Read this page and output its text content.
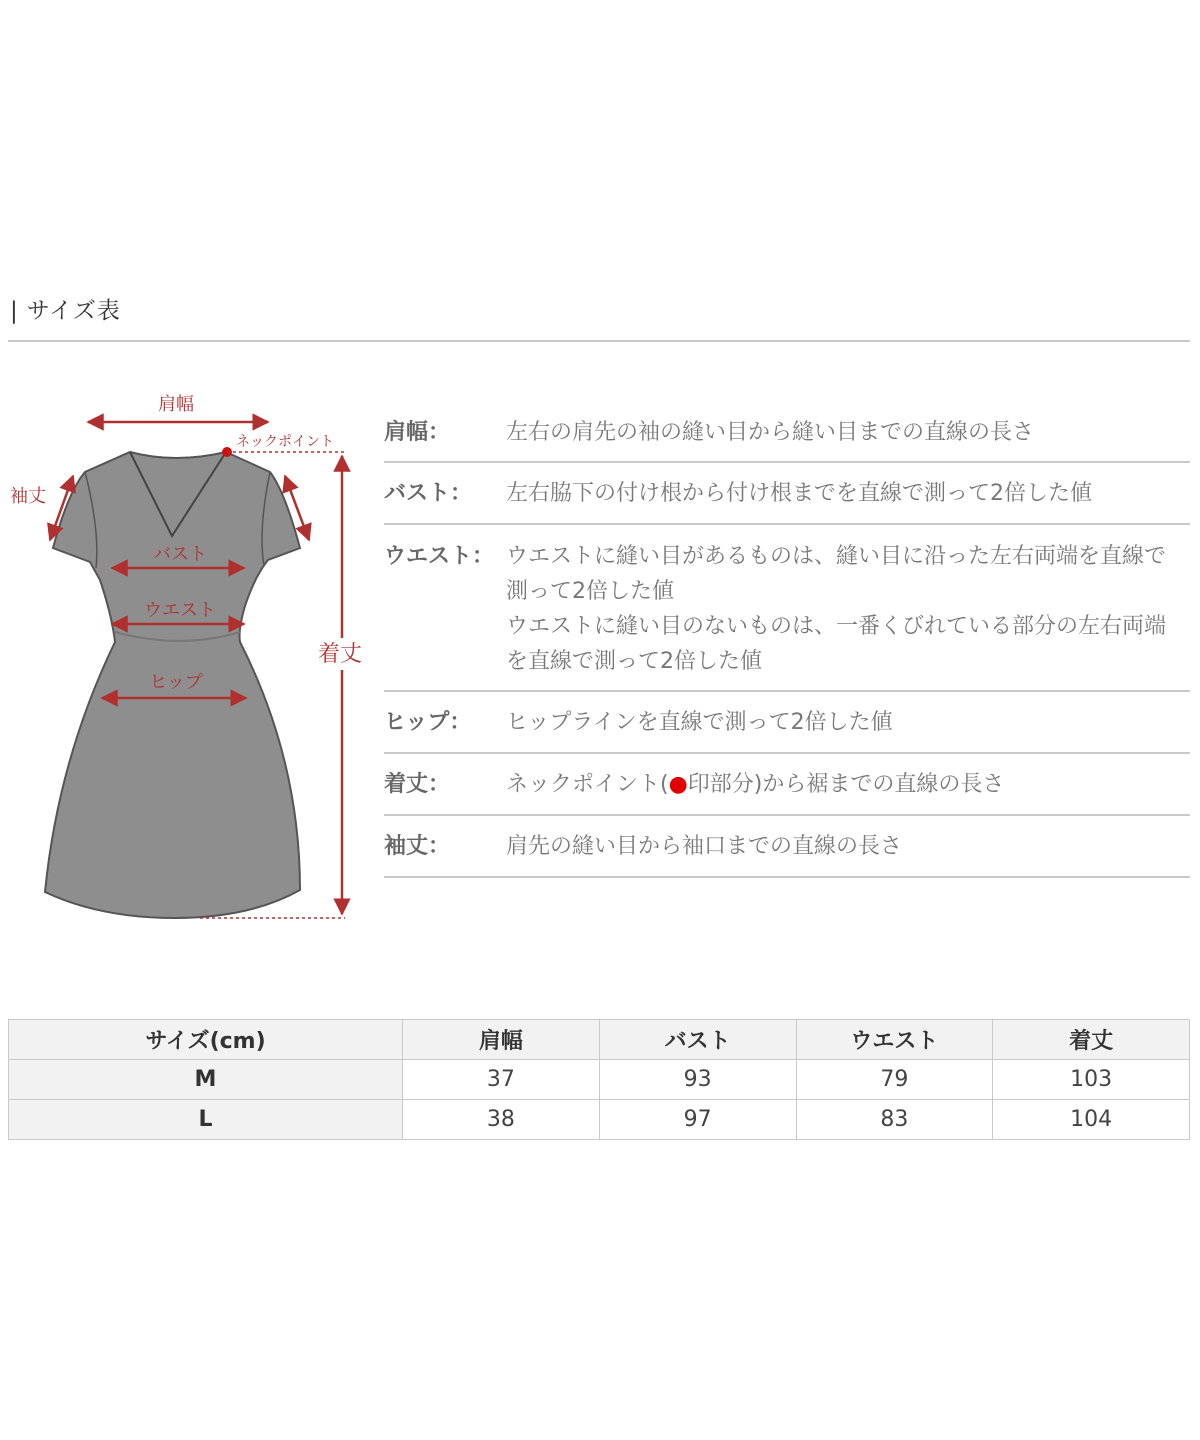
| サイズ表
肩幅
ネックポイント
袖丈
バスト
ウエスト
ヒップ
着丈
肩幅：	左右の肩先の袖の縫い目から縫い目までの直線の長さ
バスト：	左右脇下の付け根から付け根までを直線で測って2倍した値
ウエスト： ウエストに縫い目があるものは、縫い目に沿った左右両端を直線で
測って2倍した値
ウエストに縫い目のないものは、一番くびれている部分の左右両端
を直線で測って2倍した値
ヒップ：	ヒップラインを直線で測って2倍した値
着丈：	ネックポイント(●印部分)から裾までの直線の長さ
袖丈：	肩先の縫い目から袖口までの直線の長さ
サイズ(cm)	肩幅	バスト	ウエスト	着丈
M	37	93	79	103
L	38	97	83	104
